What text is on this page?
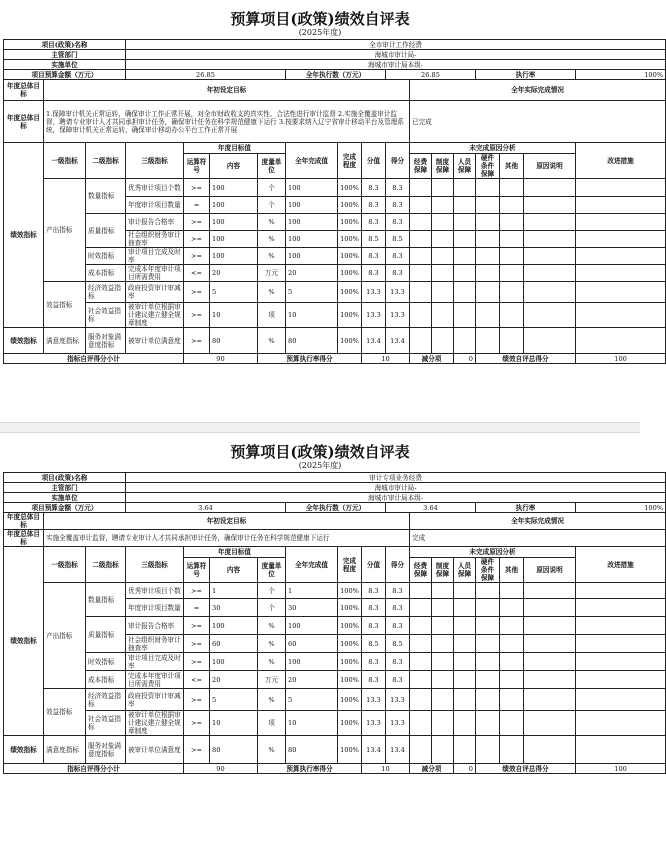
预算项目(政策)绩效自评表
(2025年度)
项目(政策)名称			全市审计工作经费														
主管部门			海城市审计局-														
实施单位			海城市审计局本级-														
项目预算金额（万元）			26.85				全年执行数（万元）			26.85				执行率			100%
年度总体目标	年初设定目标										全年实际完成情况						
年度总体目标	1.保障审计机关正常运转，确保审计工作正常开展，对全市财政收支的真实性、合法性进行审计监督 2.实施全覆盖审计监督，聘请专业审计人才共同承担审计任务，确保审计任务在科学规范健康下运行 3.按要求纳入辽宁省审计移动平台及管理系统，保障审计机关正常运转，确保审计移动办公平台工作正常开展										已完成						
绩效指标	一级指标	二级指标	三级指标	年度目标值			全年完成值	完成程度	分值	得分	未完成原因分析						改进措施
				运算符号	内容	度量单位					经费保障	制度保障	人员保障	硬件条件保障	其他	原因说明	

	产出指标	数量指标	优秀审计项目个数	>=	100	个	100	100%	8.3	8.3							
			年度审计项目数量	=	100	个	100	100%	8.3	8.3							
		质量指标	审计报告合格率	>=	100	%	100	100%	8.3	8.3							
			社会组织财务审计抽查率	>=	100	%	100	100%	8.5	8.5							
		时效指标	审计项目完成及时率	>=	100	%	100	100%	8.3	8.3							
		成本指标	完成本年度审计项目所需费用	<=	20	万元	20	100%	8.3	8.3							
	效益指标	经济效益指标	政府投资审计审减率	>=	5	%	5	100%	13.3	13.3							
		社会效益指标	被审计单位根据审计建议建立健全规章制度	>=	10	项	10	100%	13.3	13.3							
绩效指标	满意度指标	服务对象满意度指标	被审计单位满意度	>=	80	%	80	100%	13.4	13.4							
指标自评得分小计				90		预算执行率得分			10		减分项		0	绩效自评总得分			100
预算项目(政策)绩效自评表
(2025年度)
项目(政策)名称			审计专项业务经费														
主管部门			海城市审计局-														
实施单位			海城市审计局本级-														
项目预算金额（万元）			3.64				全年执行数（万元）			3.64				执行率			100%
年度总体目标	年初设定目标										全年实际完成情况						
年度总体目标	实施全覆盖审计监督，聘请专业审计人才共同承担审计任务，确保审计任务在科学规范健康下运行										完成						
绩效指标	一级指标	二级指标	三级指标	年度目标值			全年完成值	完成程度	分值	得分	未完成原因分析						改进措施
				运算符号	内容	度量单位					经费保障	制度保障	人员保障	硬件条件保障	其他	原因说明	

	产出指标	数量指标	优秀审计项目个数	>=	1	个	1	100%	8.3	8.3							
			年度审计项目数量	=	30	个	30	100%	8.3	8.3							
		质量指标	审计报告合格率	>=	100	%	100	100%	8.3	8.3							
			社会组织财务审计抽查率	>=	60	%	60	100%	8.5	8.5							
		时效指标	审计项目完成及时率	>=	100	%	100	100%	8.3	8.3							
		成本指标	完成本年度审计项目所需费用	<=	20	万元	20	100%	8.3	8.3							
	效益指标	经济效益指标	政府投资审计审减率	>=	5	%	5	100%	13.3	13.3							
		社会效益指标	被审计单位根据审计建议建立健全规章制度	>=	10	项	10	100%	13.3	13.3							
绩效指标	满意度指标	服务对象满意度指标	被审计单位满意度	>=	80	%	80	100%	13.4	13.4							
指标自评得分小计				90		预算执行率得分			10		减分项		0	绩效自评总得分			100
